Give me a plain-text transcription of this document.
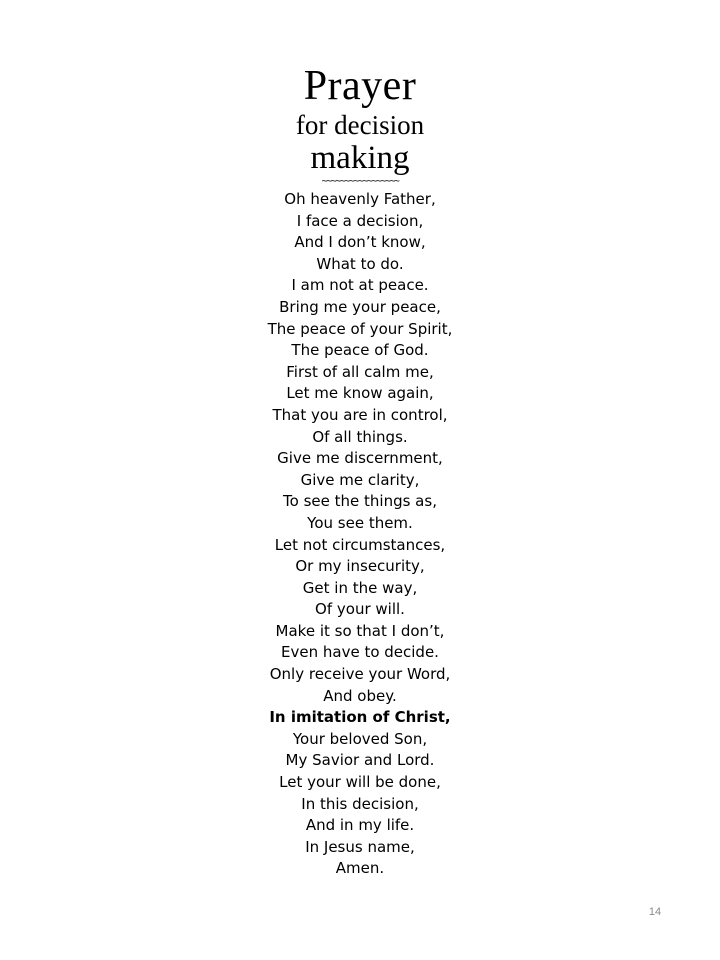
Prayer
for decision
making
~~~~~~~~~~~~~~~~~
Oh heavenly Father,
I face a decision,
And I don’t know,
What to do.
I am not at peace.
Bring me your peace,
The peace of your Spirit,
The peace of God.
First of all calm me,
Let me know again,
That you are in control,
Of all things.
Give me discernment,
Give me clarity,
To see the things as,
You see them.
Let not circumstances,
Or my insecurity,
Get in the way,
Of your will.
Make it so that I don’t,
Even have to decide.
Only receive your Word,
And obey.
In imitation of Christ,
Your beloved Son,
My Savior and Lord.
Let your will be done,
In this decision,
And in my life.
In Jesus name,
Amen.
14
